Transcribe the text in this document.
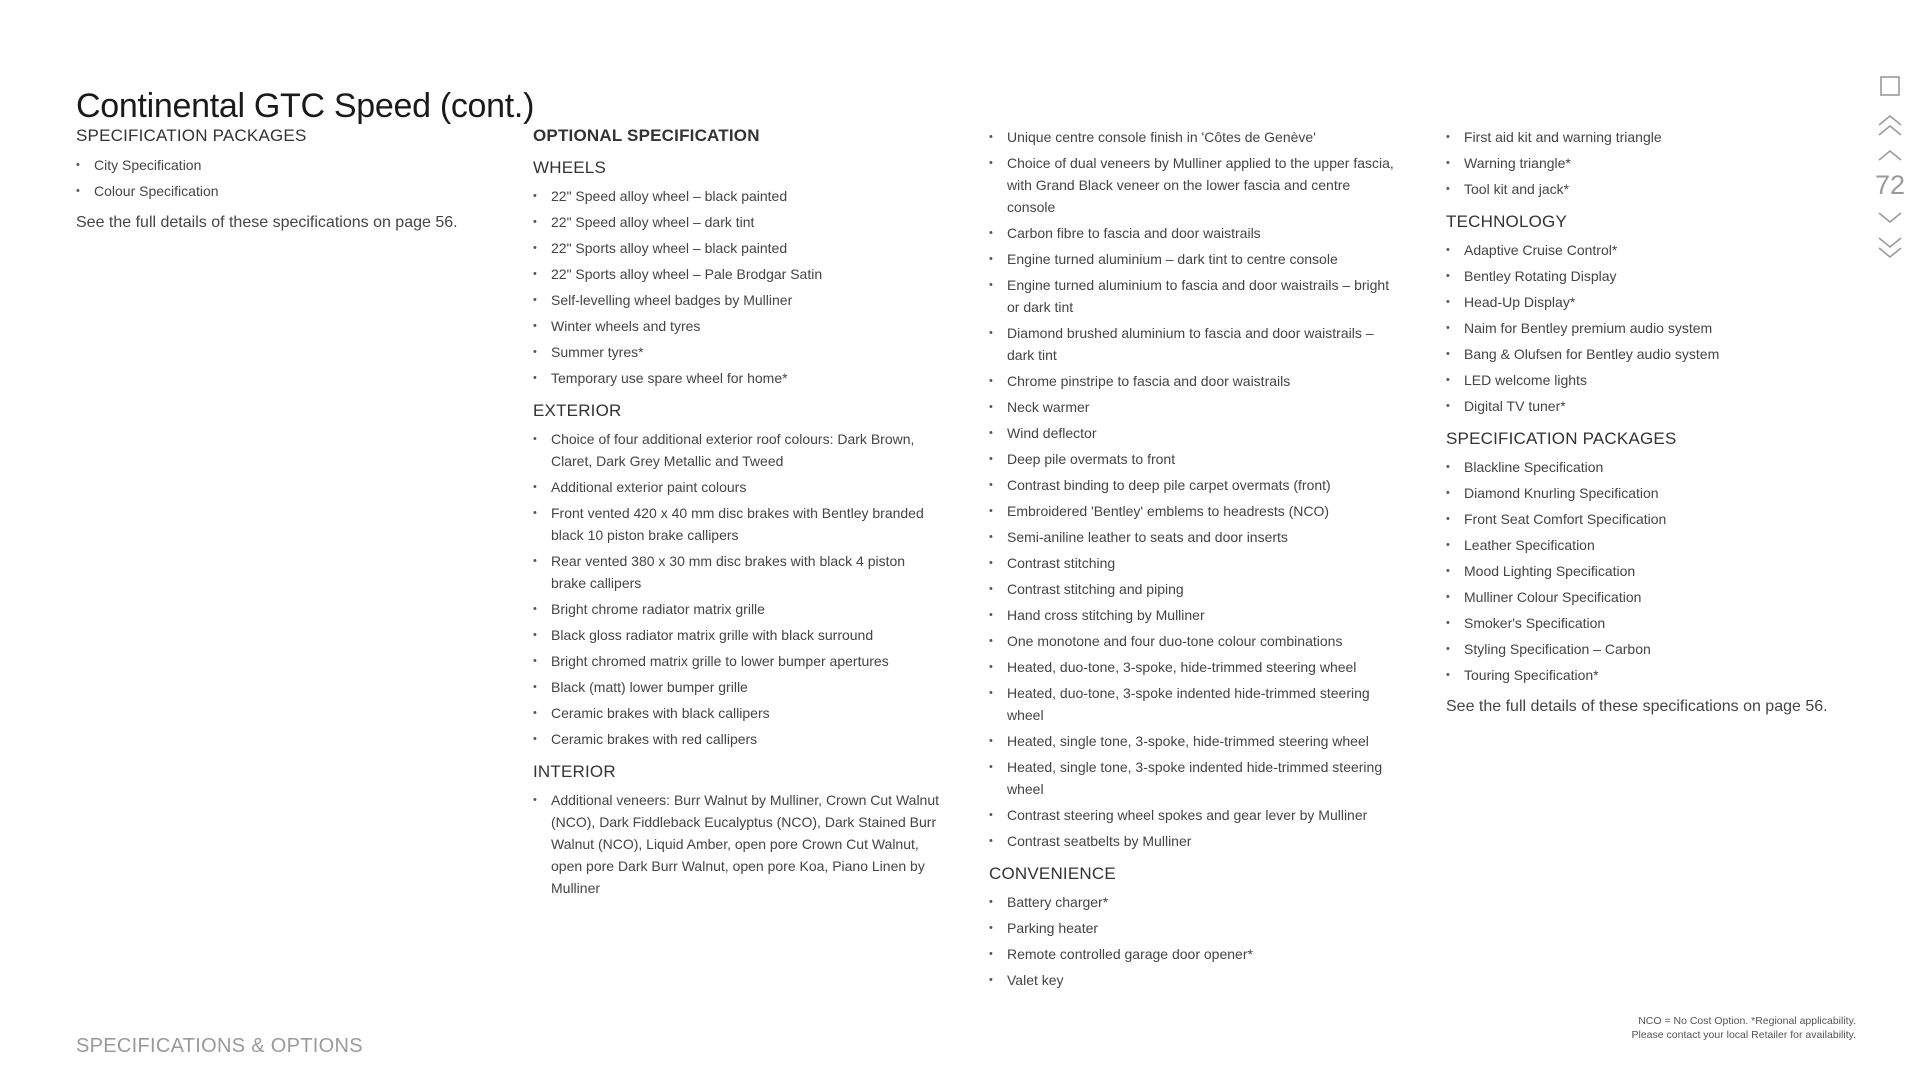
Continental GTC Speed (cont.)
SPECIFICATION PACKAGES
• City Specification
• Colour Specification

See the full details of these specifications on page 56.

OPTIONAL SPECIFICATION
WHEELS
• 22" Speed alloy wheel – black painted
• 22" Speed alloy wheel – dark tint
• 22" Sports alloy wheel – black painted
• 22" Sports alloy wheel – Pale Brodgar Satin
• Self-levelling wheel badges by Mulliner
• Winter wheels and tyres
• Summer tyres*
• Temporary use spare wheel for home*
EXTERIOR
• Choice of four additional exterior roof colours: Dark Brown, Claret, Dark Grey Metallic and Tweed
• Additional exterior paint colours
• Front vented 420 x 40 mm disc brakes with Bentley branded black 10 piston brake callipers
• Rear vented 380 x 30 mm disc brakes with black 4 piston brake callipers
• Bright chrome radiator matrix grille
• Black gloss radiator matrix grille with black surround
• Bright chromed matrix grille to lower bumper apertures
• Black (matt) lower bumper grille
• Ceramic brakes with black callipers
• Ceramic brakes with red callipers
INTERIOR
• Additional veneers: Burr Walnut by Mulliner, Crown Cut Walnut (NCO), Dark Fiddleback Eucalyptus (NCO), Dark Stained Burr Walnut (NCO), Liquid Amber, open pore Crown Cut Walnut, open pore Dark Burr Walnut, open pore Koa, Piano Linen by Mulliner
• Unique centre console finish in 'Côtes de Genève'
• Choice of dual veneers by Mulliner applied to the upper fascia, with Grand Black veneer on the lower fascia and centre console
• Carbon fibre to fascia and door waistrails
• Engine turned aluminium – dark tint to centre console
• Engine turned aluminium to fascia and door waistrails – bright or dark tint
• Diamond brushed aluminium to fascia and door waistrails – dark tint
• Chrome pinstripe to fascia and door waistrails
• Neck warmer
• Wind deflector
• Deep pile overmats to front
• Contrast binding to deep pile carpet overmats (front)
• Embroidered 'Bentley' emblems to headrests (NCO)
• Semi-aniline leather to seats and door inserts
• Contrast stitching
• Contrast stitching and piping
• Hand cross stitching by Mulliner
• One monotone and four duo-tone colour combinations
• Heated, duo-tone, 3-spoke, hide-trimmed steering wheel
• Heated, duo-tone, 3-spoke indented hide-trimmed steering wheel
• Heated, single tone, 3-spoke, hide-trimmed steering wheel
• Heated, single tone, 3-spoke indented hide-trimmed steering wheel
• Contrast steering wheel spokes and gear lever by Mulliner
• Contrast seatbelts by Mulliner
CONVENIENCE
• Battery charger*
• Parking heater
• Remote controlled garage door opener*
• Valet key
• First aid kit and warning triangle
• Warning triangle*
• Tool kit and jack*
TECHNOLOGY
• Adaptive Cruise Control*
• Bentley Rotating Display
• Head-Up Display*
• Naim for Bentley premium audio system
• Bang & Olufsen for Bentley audio system
• LED welcome lights
• Digital TV tuner*
SPECIFICATION PACKAGES
• Blackline Specification
• Diamond Knurling Specification
• Front Seat Comfort Specification
• Leather Specification
• Mood Lighting Specification
• Mulliner Colour Specification
• Smoker's Specification
• Styling Specification – Carbon
• Touring Specification*

See the full details of these specifications on page 56.

SPECIFICATIONS & OPTIONS
NCO = No Cost Option. *Regional applicability.
Please contact your local Retailer for availability.
72
